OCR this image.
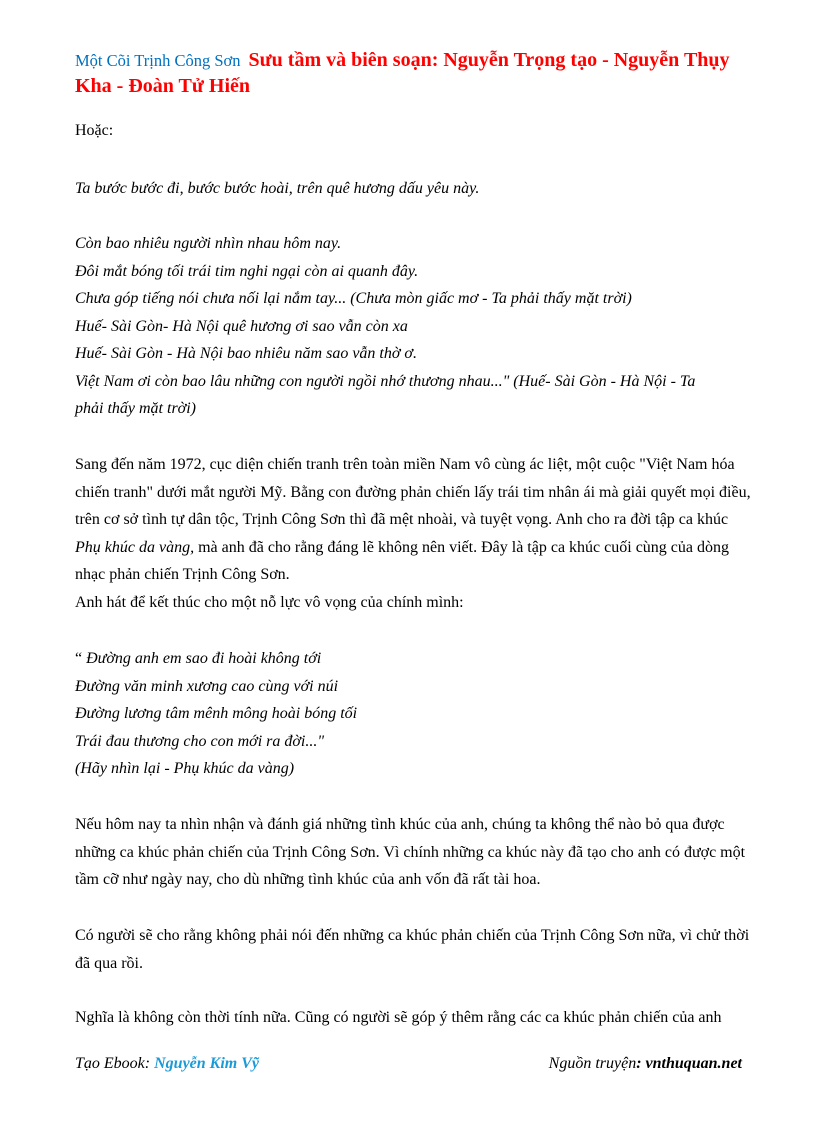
Một Cõi Trịnh Công Sơn Sưu tầm và biên soạn: Nguyễn Trọng tạo - Nguyễn Thụy Kha - Đoàn Tử Hiến

Hoặc:

Ta bước bước đi, bước bước hoài, trên quê hương dấu yêu này.

Còn bao nhiêu người nhìn nhau hôm nay.

Đôi mắt bóng tối trái tim nghi ngại còn ai quanh đây.

Chưa góp tiếng nói chưa nối lại nắm tay... (Chưa mòn giấc mơ - Ta phải thấy mặt trời)

Huế- Sài Gòn- Hà Nội quê hương ơi sao vẫn còn xa

Huế- Sài Gòn - Hà Nội bao nhiêu năm sao vẫn thờ ơ.

Việt Nam ơi còn bao lâu những con người ngồi nhớ thương nhau..." (Huế- Sài Gòn - Hà Nội - Ta

phải thấy mặt trời)

Sang đến năm 1972, cục diện chiến tranh trên toàn miền Nam vô cùng ác liệt, một cuộc "Việt Nam hóa chiến tranh" dưới mắt người Mỹ. Bằng con đường phản chiến lấy trái tim nhân ái mà giải quyết mọi điều, trên cơ sở tình tự dân tộc, Trịnh Công Sơn thì đã mệt nhoài, và tuyệt vọng. Anh cho ra đời tập ca khúc Phụ khúc da vàng, mà anh đã cho rằng đáng lẽ không nên viết. Đây là tập ca khúc cuối cùng của dòng nhạc phản chiến Trịnh Công Sơn.

Anh hát để kết thúc cho một nỗ lực vô vọng của chính mình:

“ Đường anh em sao đi hoài không tới

Đường văn minh xương cao cùng với núi

Đường lương tâm mênh mông hoài bóng tối

Trái đau thương cho con mới ra đời..."

(Hãy nhìn lại - Phụ khúc da vàng)

Nếu hôm nay ta nhìn nhận và đánh giá những tình khúc của anh, chúng ta không thể nào bỏ qua được những ca khúc phản chiến của Trịnh Công Sơn. Vì chính những ca khúc này đã tạo cho anh có được một tầm cỡ như ngày nay, cho dù những tình khúc của anh vốn đã rất tài hoa.

Có người sẽ cho rằng không phải nói đến những ca khúc phản chiến của Trịnh Công Sơn nữa, vì chử thời đã qua rồi.

Nghĩa là không còn thời tính nữa. Cũng có người sẽ góp ý thêm rằng các ca khúc phản chiến của anh

Tạo Ebook: Nguyễn Kim Vỹ	Nguồn truyện: vnthuquan.net
